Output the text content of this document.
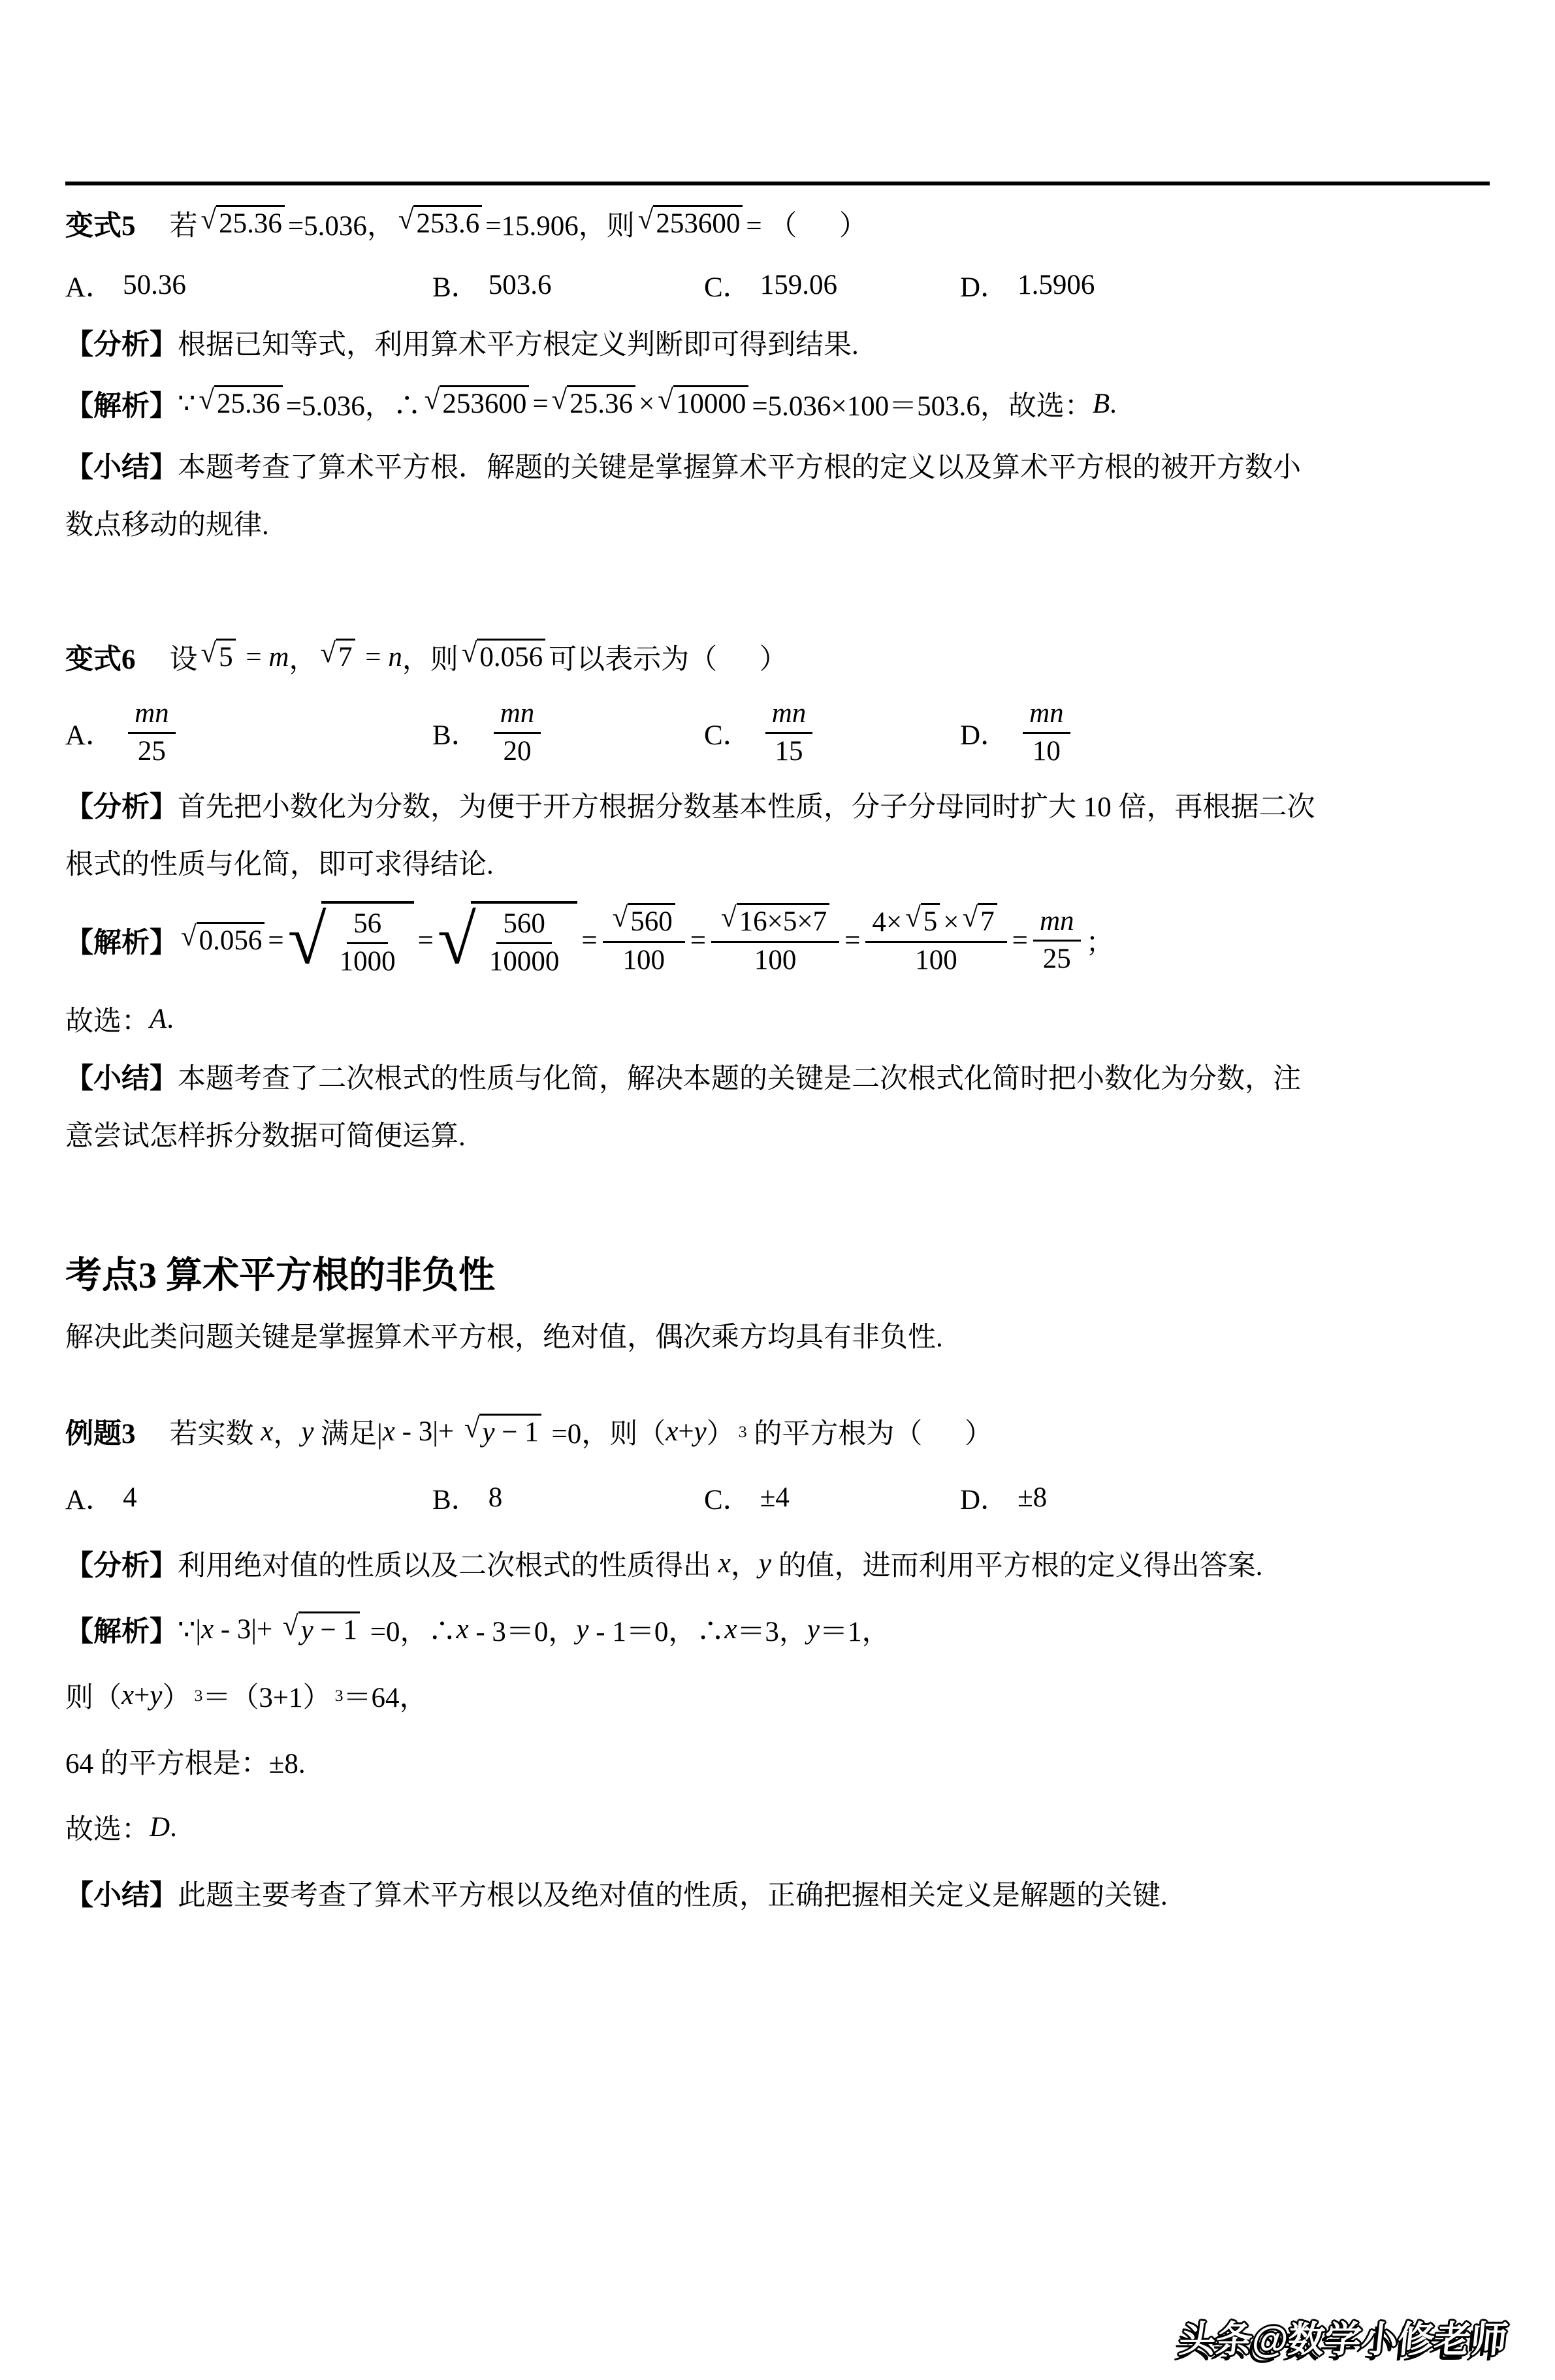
变式5 若 √ 25.36 =5.036， √ 253.6 =15.906，则 √ 253600 = （      ）
A． 50.36	B． 503.6	C． 159.06	D． 1.5906
【分析】 根据已知等式，利用算术平方根定义判断即可得到结果.
【解析】 ∵ √ 25.36 =5.036，∴ √ 253600 = √ 25.36 × √ 10000 =5.036×100＝503.6，故选： B .
【小结】 本题考查了算术平方根．解题的关键是掌握算术平方根的定义以及算术平方根的被开方数小
数点移动的规律.
变式6 设 √ 5 = m ， √ 7 = n ，则 √ 0.056 可以表示为（      ）
A． $\frac{mn}{25}$	B． $\frac{mn}{20}$	C． $\frac{mn}{15}$	D． $\frac{mn}{10}$
【分析】 首先把小数化为分数，为便于开方根据分数基本性质，分子分母同时扩大 10 倍，再根据二次
根式的性质与化简，即可求得结论.
【解析】 √ 0.056 = √ $\frac{56}{1000}$ = √ $\frac{560}{10000} = \frac{√ 560}{100} = \frac{√ 16\times 5\times 7}{100} = \frac{4\times √ 5 \times √ 7}{100} = \frac{mn}{25}$ ；
故选： A .
【小结】 本题考查了二次根式的性质与化简，解决本题的关键是二次根式化简时把小数化为分数，注
意尝试怎样拆分数据可简便运算.
考点3 算术平方根的非负性
解决此类问题关键是掌握算术平方根，绝对值，偶次乘方均具有非负性.
例题3 若实数 x ， y 满足| x - 3|+ √ y − 1 =0，则（ x + y ） 3 的平方根为（      ）
A． 4	B． 8	C． ±4	D． ±8
【分析】 利用绝对值的性质以及二次根式的性质得出 x ， y 的值，进而利用平方根的定义得出答案.
【解析】 ∵| x - 3|+ √ y − 1 =0，∴ x - 3＝0， y - 1＝0，∴ x ＝3， y ＝1，
则（ x + y ） 3 ＝（3+1） 3 ＝64，
64 的平方根是：±8.
故选： D .
【小结】 此题主要考查了算术平方根以及绝对值的性质，正确把握相关定义是解题的关键.
头条@数学小修老师
